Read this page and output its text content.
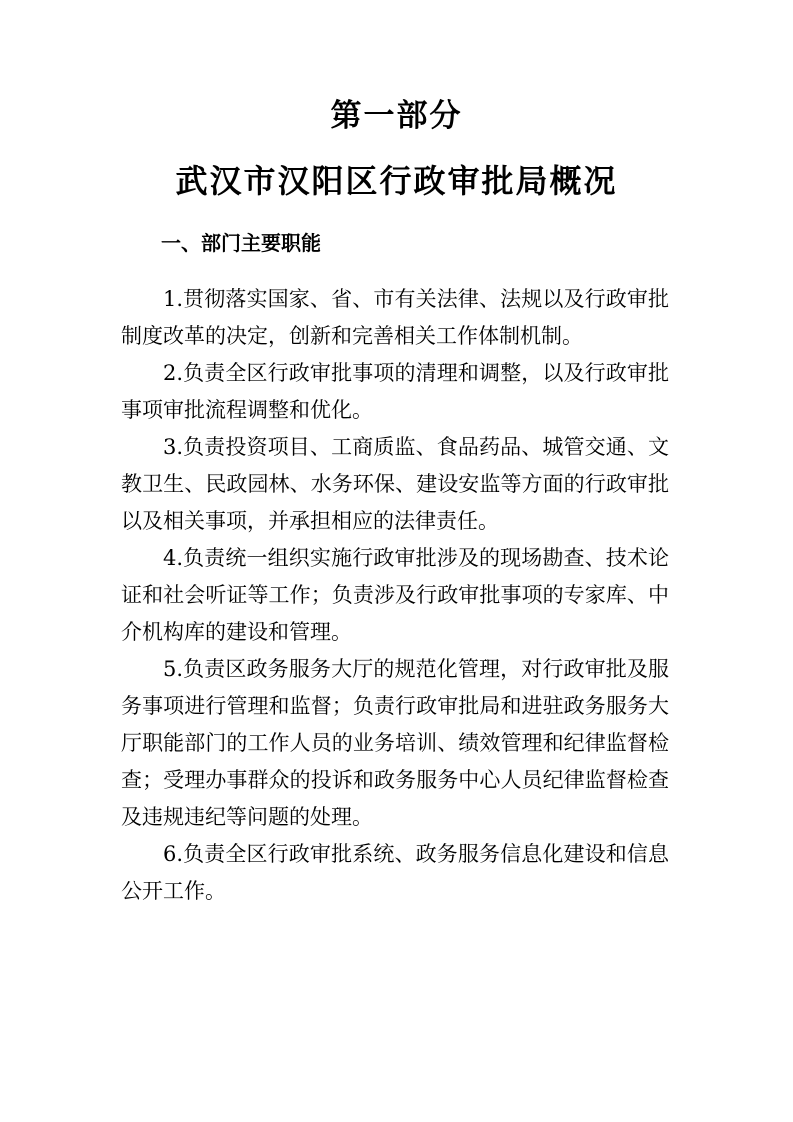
第一部分
武汉市汉阳区行政审批局概况
一、部门主要职能

1.贯彻落实国家、省、市有关法律、法规以及行政审批制度改革的决定，创新和完善相关工作体制机制。

2.负责全区行政审批事项的清理和调整，以及行政审批事项审批流程调整和优化。

3.负责投资项目、工商质监、食品药品、城管交通、文教卫生、民政园林、水务环保、建设安监等方面的行政审批以及相关事项，并承担相应的法律责任。

4.负责统一组织实施行政审批涉及的现场勘查、技术论证和社会听证等工作；负责涉及行政审批事项的专家库、中介机构库的建设和管理。

5.负责区政务服务大厅的规范化管理，对行政审批及服务事项进行管理和监督；负责行政审批局和进驻政务服务大厅职能部门的工作人员的业务培训、绩效管理和纪律监督检查；受理办事群众的投诉和政务服务中心人员纪律监督检查及违规违纪等问题的处理。

6.负责全区行政审批系统、政务服务信息化建设和信息公开工作。
